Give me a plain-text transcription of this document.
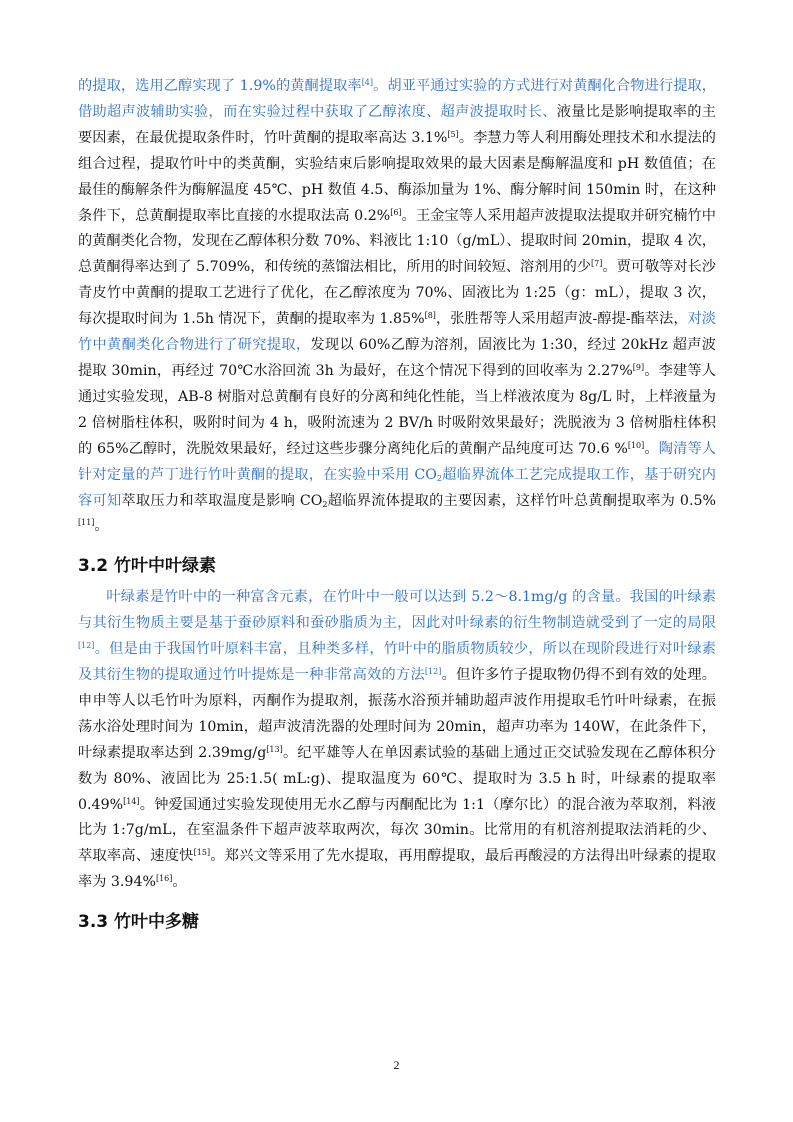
的提取，选用乙醇实现了 1.9%的黄酮提取率[4]。胡亚平通过实验的方式进行对黄酮化合物进行提取，借助超声波辅助实验，而在实验过程中获取了乙醇浓度、超声波提取时长、液量比是影响提取率的主要因素，在最优提取条件时，竹叶黄酮的提取率高达 3.1%[5]。李慧力等人利用酶处理技术和水提法的组合过程，提取竹叶中的类黄酮，实验结束后影响提取效果的最大因素是酶解温度和 pH 数值值；在最佳的酶解条件为酶解温度 45℃、pH 数值 4.5、酶添加量为 1%、酶分解时间 150min 时，在这种条件下，总黄酮提取率比直接的水提取法高 0.2%[6]。王金宝等人采用超声波提取法提取并研究楠竹中的黄酮类化合物，发现在乙醇体积分数 70%、料液比 1:10（g/mL）、提取时间 20min，提取 4 次，总黄酮得率达到了 5.709%，和传统的蒸馏法相比，所用的时间较短、溶剂用的少[7]。贾可敬等对长沙青皮竹中黄酮的提取工艺进行了优化，在乙醇浓度为 70%、固液比为 1:25（g：mL），提取 3 次，每次提取时间为 1.5h 情况下，黄酮的提取率为 1.85%[8]，张胜帮等人采用超声波-醇提-酯萃法，对淡竹中黄酮类化合物进行了研究提取，发现以 60%乙醇为溶剂，固液比为 1:30，经过 20kHz 超声波提取 30min，再经过 70℃水浴回流 3h 为最好，在这个情况下得到的回收率为 2.27%[9]。李建等人通过实验发现，AB-8 树脂对总黄酮有良好的分离和纯化性能，当上样液浓度为 8g/L 时，上样液量为 2 倍树脂柱体积，吸附时间为 4 h，吸附流速为 2 BV/h 时吸附效果最好；洗脱液为 3 倍树脂柱体积的 65%乙醇时，洗脱效果最好，经过这些步骤分离纯化后的黄酮产品纯度可达 70.6 %[10]。陶清等人针对定量的芦丁进行竹叶黄酮的提取，在实验中采用 $CO_2$超临界流体工艺完成提取工作，基于研究内容可知萃取压力和萃取温度是影响 $CO_2$超临界流体提取的主要因素，这样竹叶总黄酮提取率为 0.5%[11]。

3.2 竹叶中叶绿素

叶绿素是竹叶中的一种富含元素，在竹叶中一般可以达到 5.2～8.1mg/g 的含量。我国的叶绿素与其衍生物质主要是基于蚕砂原料和蚕砂脂质为主，因此对叶绿素的衍生物制造就受到了一定的局限[12]。但是由于我国竹叶原料丰富，且种类多样，竹叶中的脂质物质较少，所以在现阶段进行对叶绿素及其衍生物的提取通过竹叶提炼是一种非常高效的方法[12]。但许多竹子提取物仍得不到有效的处理。申申等人以毛竹叶为原料，丙酮作为提取剂，振荡水浴预并辅助超声波作用提取毛竹叶叶绿素，在振荡水浴处理时间为 10min，超声波清洗器的处理时间为 20min，超声功率为 140W，在此条件下，叶绿素提取率达到 2.39mg/g[13]。纪平雄等人在单因素试验的基础上通过正交试验发现在乙醇体积分数为 80%、液固比为 25:1.5( mL:g)、提取温度为 60℃、提取时为 3.5 h 时，叶绿素的提取率 0.49%[14]。钟爱国通过实验发现使用无水乙醇与丙酮配比为 1:1（摩尔比）的混合液为萃取剂，料液比为 1:7g/mL，在室温条件下超声波萃取两次，每次 30min。比常用的有机溶剂提取法消耗的少、萃取率高、速度快[15]。郑兴文等采用了先水提取，再用醇提取，最后再酸浸的方法得出叶绿素的提取率为 3.94%[16]。

3.3 竹叶中多糖
2
